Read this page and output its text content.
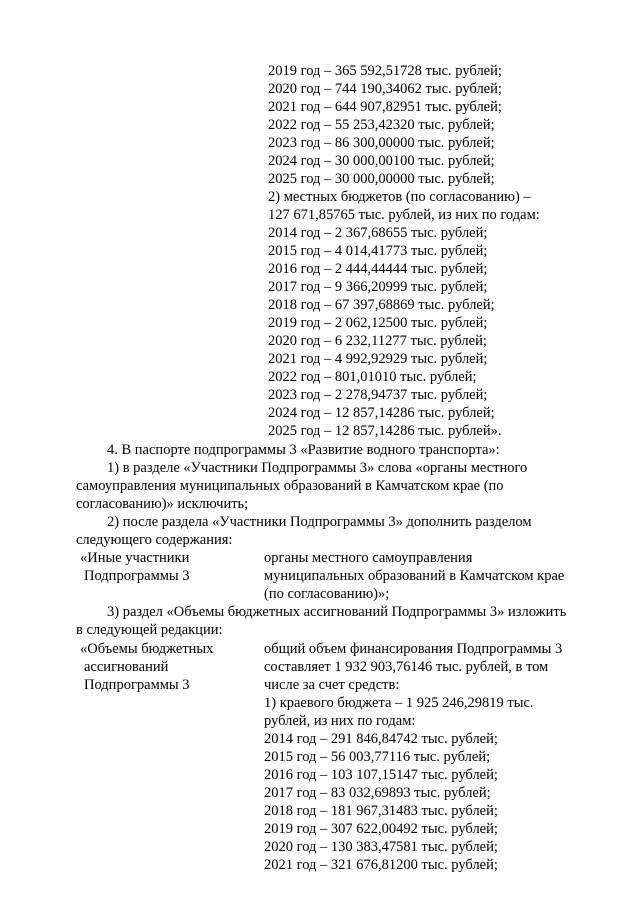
2019 год – 365 592,51728 тыс. рублей;
2020 год – 744 190,34062 тыс. рублей;
2021 год – 644 907,82951 тыс. рублей;
2022 год – 55 253,42320 тыс. рублей;
2023 год – 86 300,00000 тыс. рублей;
2024 год – 30 000,00100 тыс. рублей;
2025 год – 30 000,00000 тыс. рублей;
2) местных бюджетов (по согласованию) –
127 671,85765 тыс. рублей, из них по годам:
2014 год – 2 367,68655 тыс. рублей;
2015 год – 4 014,41773 тыс. рублей;
2016 год – 2 444,44444 тыс. рублей;
2017 год – 9 366,20999 тыс. рублей;
2018 год – 67 397,68869 тыс. рублей;
2019 год – 2 062,12500 тыс. рублей;
2020 год – 6 232,11277 тыс. рублей;
2021 год – 4 992,92929 тыс. рублей;
2022 год – 801,01010 тыс. рублей;
2023 год – 2 278,94737 тыс. рублей;
2024 год – 12 857,14286 тыс. рублей;
2025 год – 12 857,14286 тыс. рублей».
4. В паспорте подпрограммы 3 «Развитие водного транспорта»:
1) в разделе «Участники Подпрограммы 3» слова «органы местного
самоуправления муниципальных образований в Камчатском крае (по
согласованию)» исключить;
2) после раздела «Участники Подпрограммы 3» дополнить разделом
следующего содержания:
«Иные участники
Подпрограммы 3
органы местного самоуправления
муниципальных образований в Камчатском крае
(по согласованию)»;
3) раздел «Объемы бюджетных ассигнований Подпрограммы 3» изложить
в следующей редакции:
«Объемы бюджетных
ассигнований
Подпрограммы 3
общий объем финансирования Подпрограммы 3
составляет 1 932 903,76146 тыс. рублей, в том
числе за счет средств:
1) краевого бюджета – 1 925 246,29819 тыс.
рублей, из них по годам:
2014 год – 291 846,84742 тыс. рублей;
2015 год – 56 003,77116 тыс. рублей;
2016 год – 103 107,15147 тыс. рублей;
2017 год – 83 032,69893 тыс. рублей;
2018 год – 181 967,31483 тыс. рублей;
2019 год – 307 622,00492 тыс. рублей;
2020 год – 130 383,47581 тыс. рублей;
2021 год – 321 676,81200 тыс. рублей;
